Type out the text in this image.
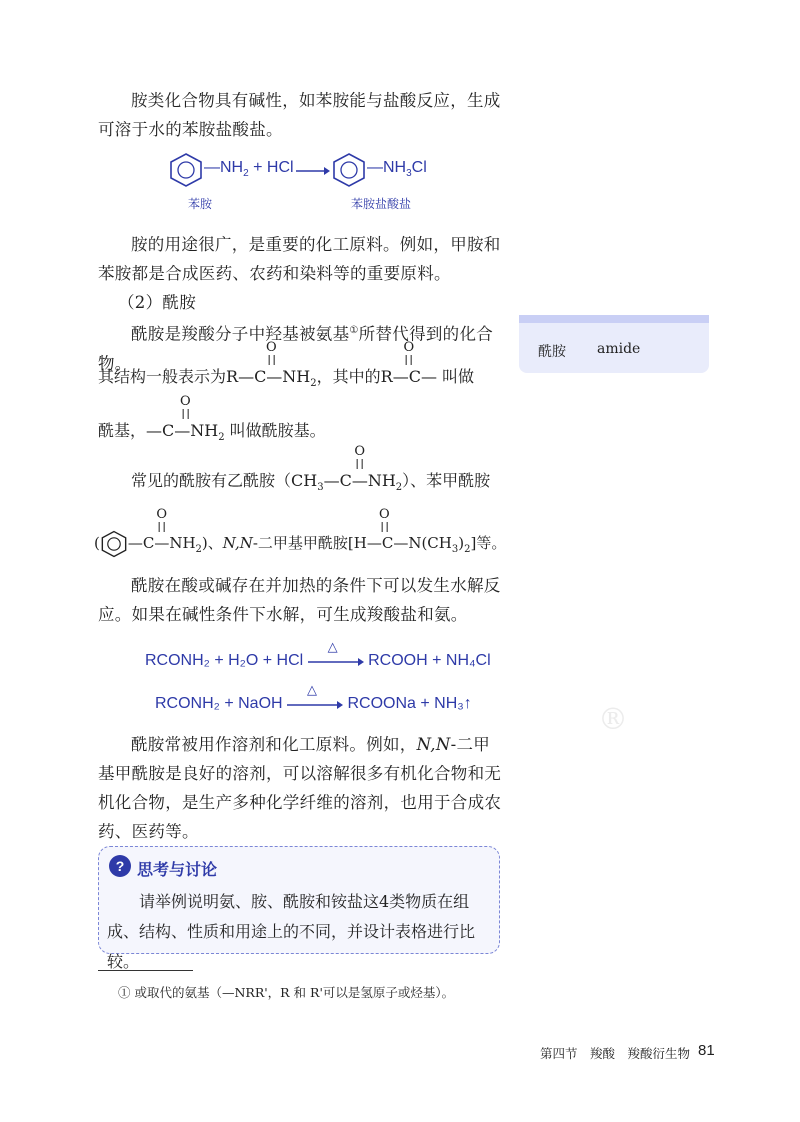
胺类化合物具有碱性，如苯胺能与盐酸反应，生成可溶于水的苯胺盐酸盐。

$—NH_2$ + HCl → $—NH_3Cl$
苯胺	苯胺盐酸盐

胺的用途很广，是重要的化工原料。例如，甲胺和苯胺都是合成医药、农药和染料等的重要原料。

（2）酰胺

酰胺是羧酸分子中羟基被氨基①所替代得到的化合物。

其结构一般表示为
O
$R—C—NH_2$，其中的
O
R—C— 叫做
酰基，
O
$—C—NH_2$ 叫做酰胺基。
常见的酰胺有乙酰胺（$CH_3$
O
$—C—NH_2$）、苯甲酰胺
(
O
$—C—NH_2$)、N,N-二甲基甲酰胺
O
$[H—C—N(CH_3)_2]$等。

酰胺在酸或碱存在并加热的条件下可以发生水解反应。如果在碱性条件下水解，可生成羧酸盐和氨。

RCONH₂ + H₂O + HCl
△
RCOOH + NH₄Cl
RCONH₂ + NaOH
△
RCOONa + NH₃↑

酰胺常被用作溶剂和化工原料。例如，N,N-二甲基甲酰胺是良好的溶剂，可以溶解很多有机化合物和无机化合物，是生产多种化学纤维的溶剂，也用于合成农药、医药等。

®
酰胺 amide
? 思考与讨论

请举例说明氨、胺、酰胺和铵盐这4类物质在组成、结构、性质和用途上的不同，并设计表格进行比较。

① 或取代的氨基（—NRR'，R 和 R'可以是氢原子或烃基）。
第四节　羧酸　羧酸衍生物 81
